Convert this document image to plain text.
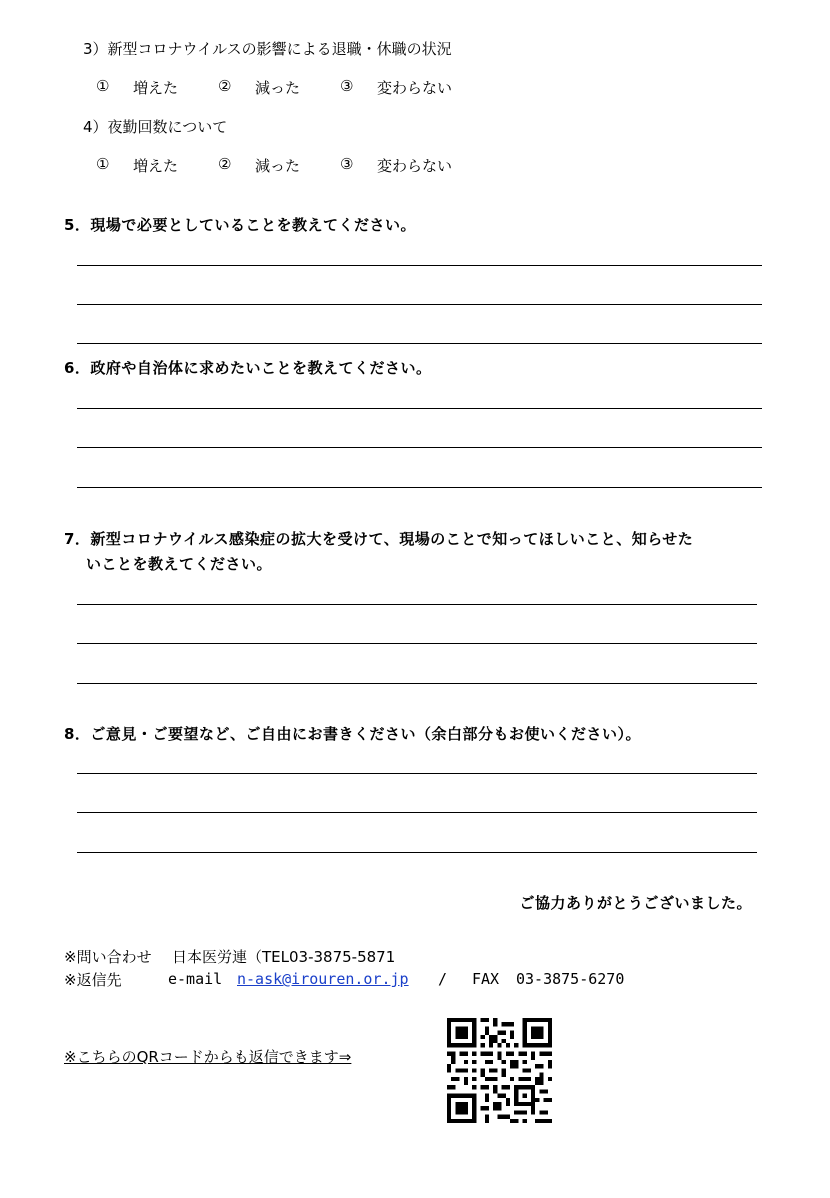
3）新型コロナウイルスの影響による退職・休職の状況
① 増えた	② 減った	③ 変わらない
4）夜勤回数について
① 増えた	② 減った	③ 変わらない
5．現場で必要としていることを教えてください。
6．政府や自治体に求めたいことを教えてください。
7．新型コロナウイルス感染症の拡大を受けて、現場のことで知ってほしいこと、知らせた
いことを教えてください。
8．ご意見・ご要望など、ご自由にお書きください（余白部分もお使いください）。
ご協力ありがとうございました。
※問い合わせ 日本医労連（TEL03-3875-5871
※返信先	e-mail n-ask@irouren.or.jp / FAX 03-3875-6270
※こちらのQRコードからも返信できます⇒
